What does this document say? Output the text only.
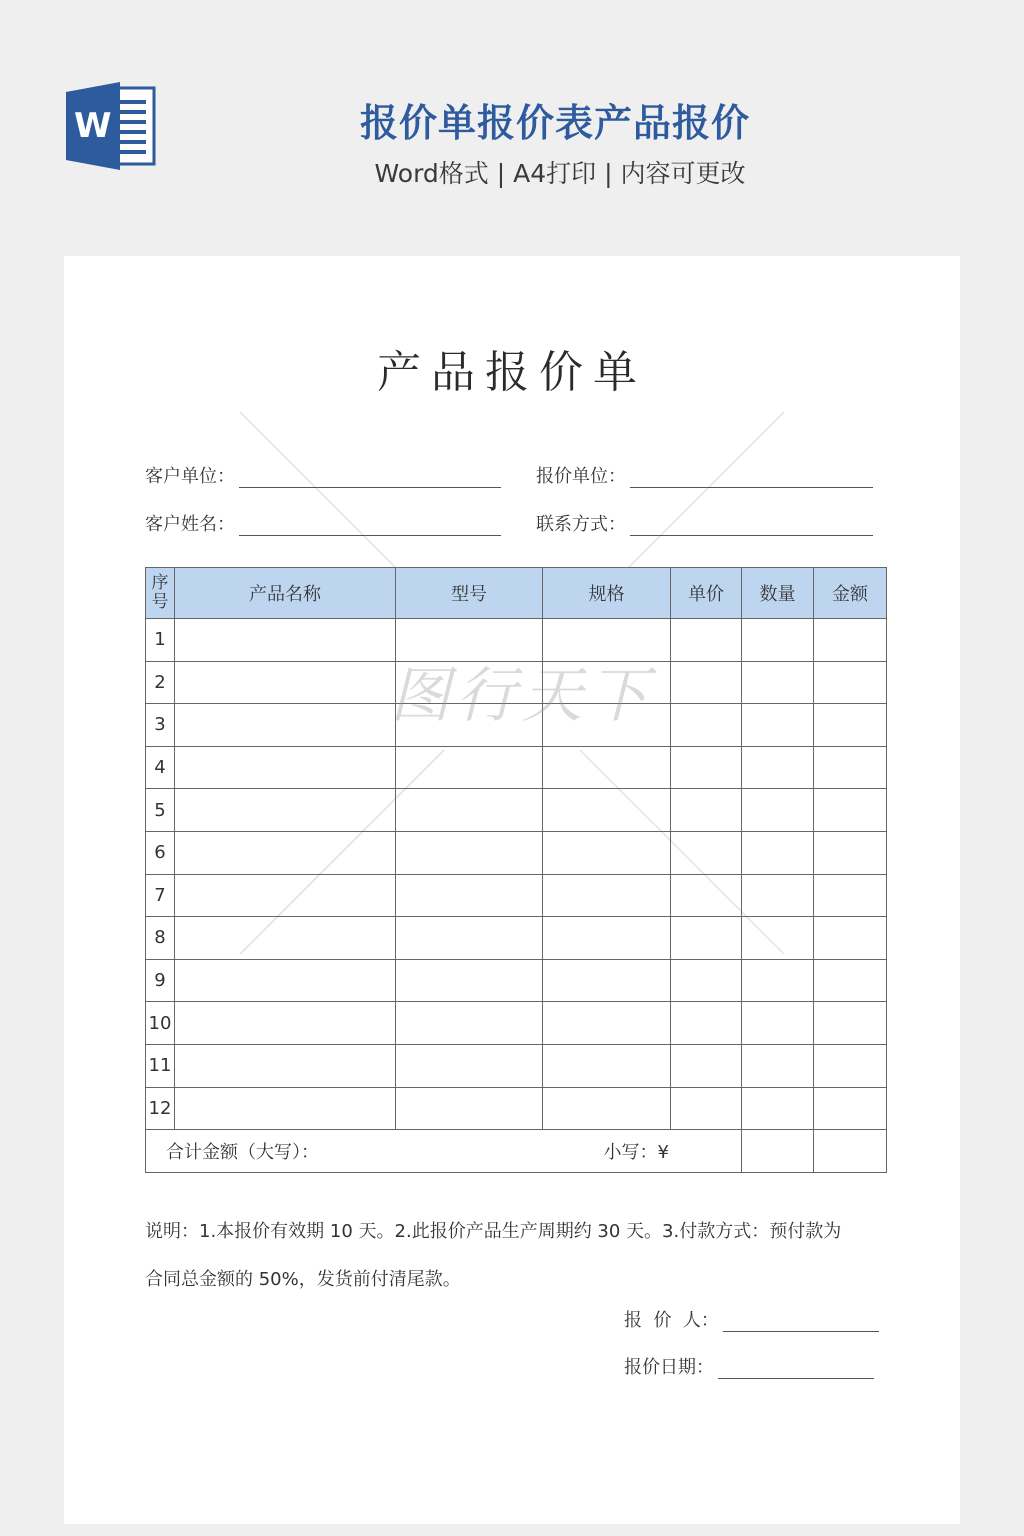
W	报价单报价表产品报价
Word格式 | A4打印 | 内容可更改
产品报价单
客户单位：	报价单位：
客户姓名：	联系方式：
序号	产品名称	型号	规格	单价	数量	金额
1						
2						
3						
4						
5						
6						
7						
8						
9						
10						
11						
12						

合计金额（大写）： 小写：¥						

图行天下
说明：1.本报价有效期 10 天。2.此报价产品生产周期约 30 天。3.付款方式：预付款为
合同总金额的 50%，发货前付清尾款。
报  价  人：
报价日期：
